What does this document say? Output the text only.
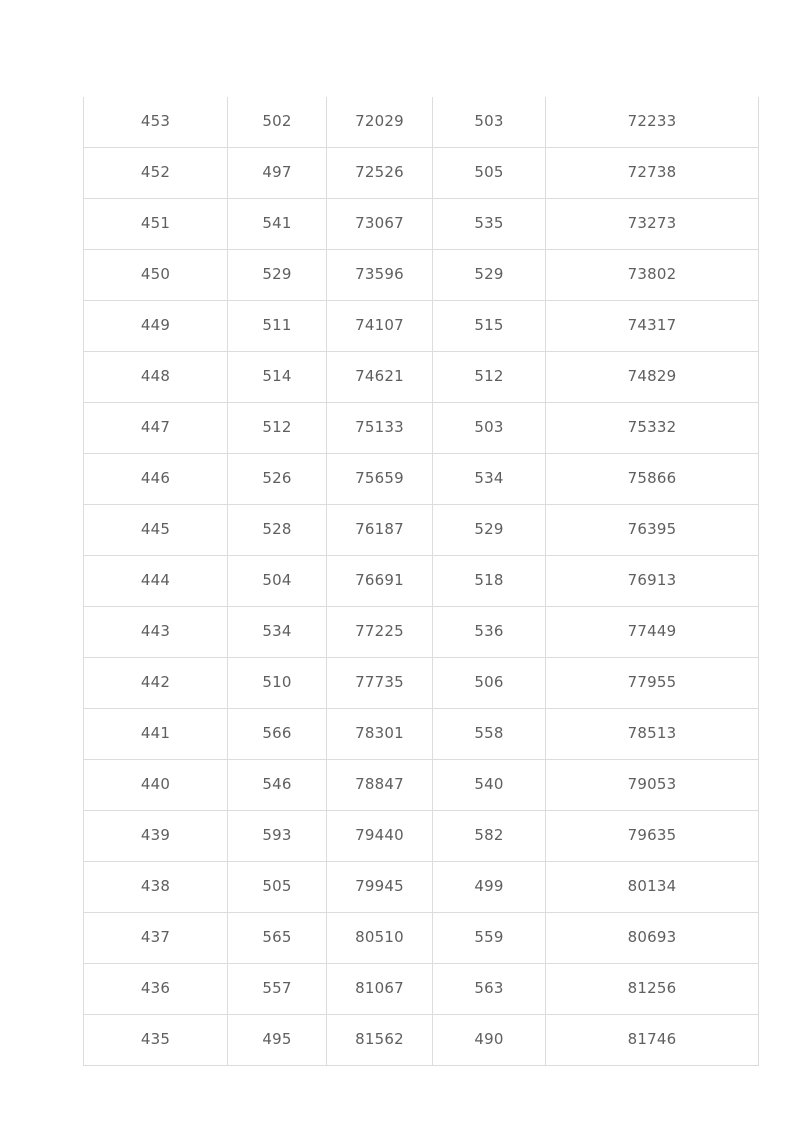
453	502	72029	503	72233
452	497	72526	505	72738
451	541	73067	535	73273
450	529	73596	529	73802
449	511	74107	515	74317
448	514	74621	512	74829
447	512	75133	503	75332
446	526	75659	534	75866
445	528	76187	529	76395
444	504	76691	518	76913
443	534	77225	536	77449
442	510	77735	506	77955
441	566	78301	558	78513
440	546	78847	540	79053
439	593	79440	582	79635
438	505	79945	499	80134
437	565	80510	559	80693
436	557	81067	563	81256
435	495	81562	490	81746
